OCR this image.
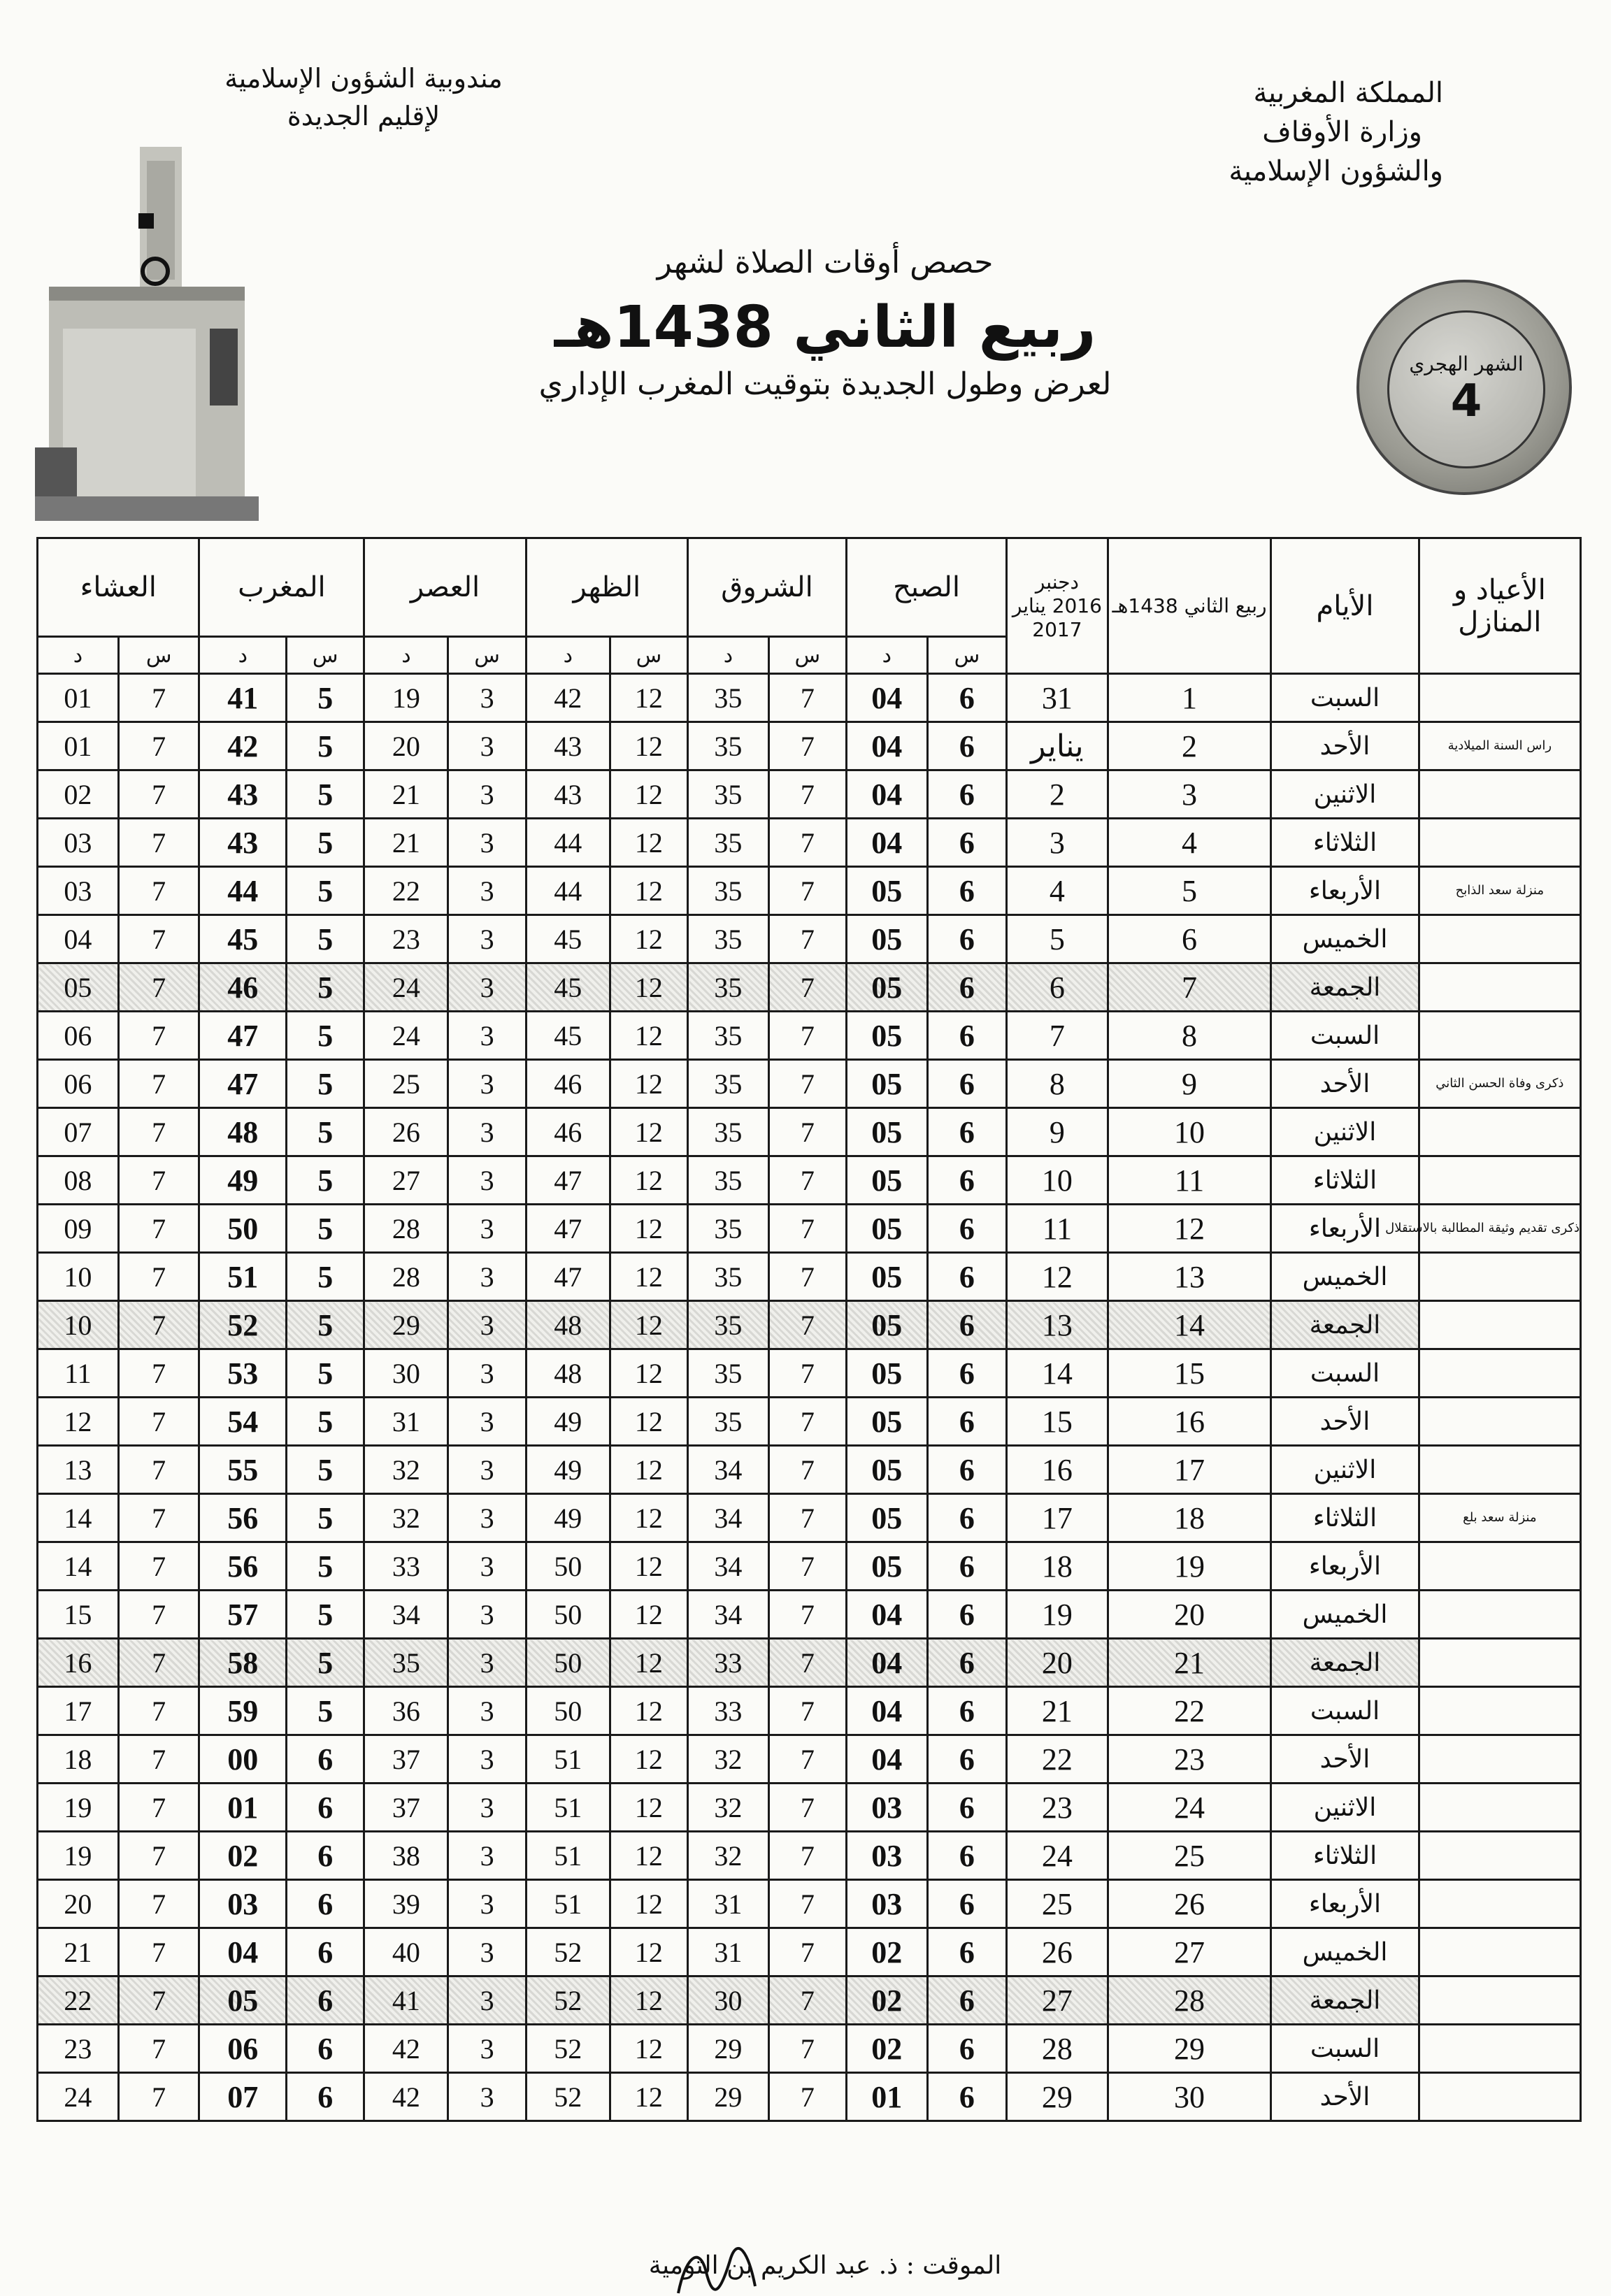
المملكة المغربية
وزارة الأوقاف
والشؤون الإسلامية
مندوبية الشؤون الإسلامية
لإقليم الجديدة
حصص أوقات الصلاة لشهر
ربيع الثاني 1438هـ
لعرض وطول الجديدة بتوقيت المغرب الإداري
الشهر الهجري
4
الأعياد و المنازل	الأيام	ربيع الثاني 1438هـ	دجنبر 2016 يناير 2017	الصبح		الشروق		الظهر		العصر		المغرب		العشاء	
				س	د	س	د	س	د	س	د	س	د	س	د
	السبت	1	31	6	04	7	35	12	42	3	19	5	41	7	01
راس السنة الميلادية	الأحد	2	يناير	6	04	7	35	12	43	3	20	5	42	7	01
	الاثنين	3	2	6	04	7	35	12	43	3	21	5	43	7	02
	الثلاثاء	4	3	6	04	7	35	12	44	3	21	5	43	7	03
منزلة سعد الذابح	الأربعاء	5	4	6	05	7	35	12	44	3	22	5	44	7	03
	الخميس	6	5	6	05	7	35	12	45	3	23	5	45	7	04
	الجمعة	7	6	6	05	7	35	12	45	3	24	5	46	7	05
	السبت	8	7	6	05	7	35	12	45	3	24	5	47	7	06
ذكرى وفاة الحسن الثاني	الأحد	9	8	6	05	7	35	12	46	3	25	5	47	7	06
	الاثنين	10	9	6	05	7	35	12	46	3	26	5	48	7	07
	الثلاثاء	11	10	6	05	7	35	12	47	3	27	5	49	7	08
ذكرى تقديم وثيقة المطالبة بالاستقلال	الأربعاء	12	11	6	05	7	35	12	47	3	28	5	50	7	09
	الخميس	13	12	6	05	7	35	12	47	3	28	5	51	7	10
	الجمعة	14	13	6	05	7	35	12	48	3	29	5	52	7	10
	السبت	15	14	6	05	7	35	12	48	3	30	5	53	7	11
	الأحد	16	15	6	05	7	35	12	49	3	31	5	54	7	12
	الاثنين	17	16	6	05	7	34	12	49	3	32	5	55	7	13
منزلة سعد بلع	الثلاثاء	18	17	6	05	7	34	12	49	3	32	5	56	7	14
	الأربعاء	19	18	6	05	7	34	12	50	3	33	5	56	7	14
	الخميس	20	19	6	04	7	34	12	50	3	34	5	57	7	15
	الجمعة	21	20	6	04	7	33	12	50	3	35	5	58	7	16
	السبت	22	21	6	04	7	33	12	50	3	36	5	59	7	17
	الأحد	23	22	6	04	7	32	12	51	3	37	6	00	7	18
	الاثنين	24	23	6	03	7	32	12	51	3	37	6	01	7	19
	الثلاثاء	25	24	6	03	7	32	12	51	3	38	6	02	7	19
	الأربعاء	26	25	6	03	7	31	12	51	3	39	6	03	7	20
	الخميس	27	26	6	02	7	31	12	52	3	40	6	04	7	21
	الجمعة	28	27	6	02	7	30	12	52	3	41	6	05	7	22
	السبت	29	28	6	02	7	29	12	52	3	42	6	06	7	23
	الأحد	30	29	6	01	7	29	12	52	3	42	6	07	7	24
الموقت : ذ. عبد الكريم بن التومية
